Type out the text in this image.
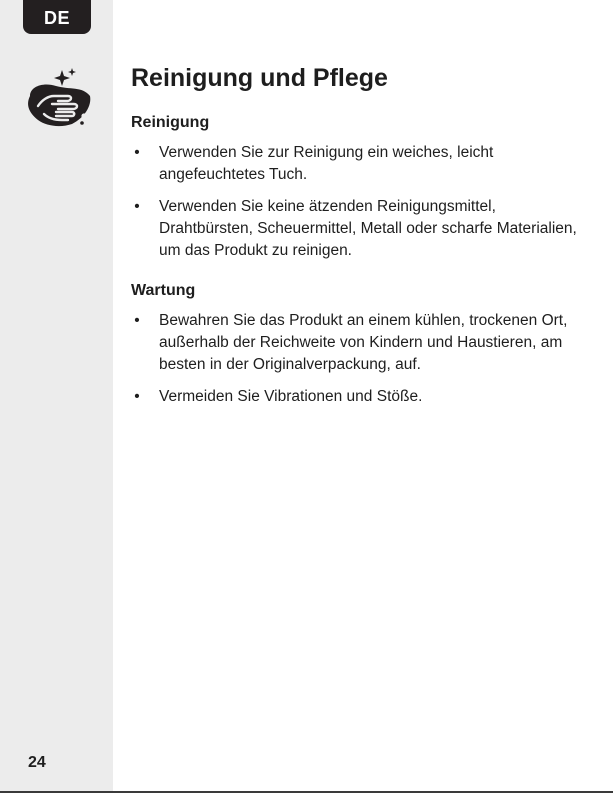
DE
24
Reinigung und Pflege
Reinigung
• Verwenden Sie zur Reinigung ein weiches, leicht angefeuchtetes Tuch.
• Verwenden Sie keine ätzenden Reinigungsmittel, Drahtbürsten, Scheuermittel, Metall oder scharfe Materialien, um das Produkt zu reinigen.
Wartung
• Bewahren Sie das Produkt an einem kühlen, trockenen Ort, außerhalb der Reichweite von Kindern und Haustieren, am besten in der Originalverpackung, auf.
• Vermeiden Sie Vibrationen und Stöße.
